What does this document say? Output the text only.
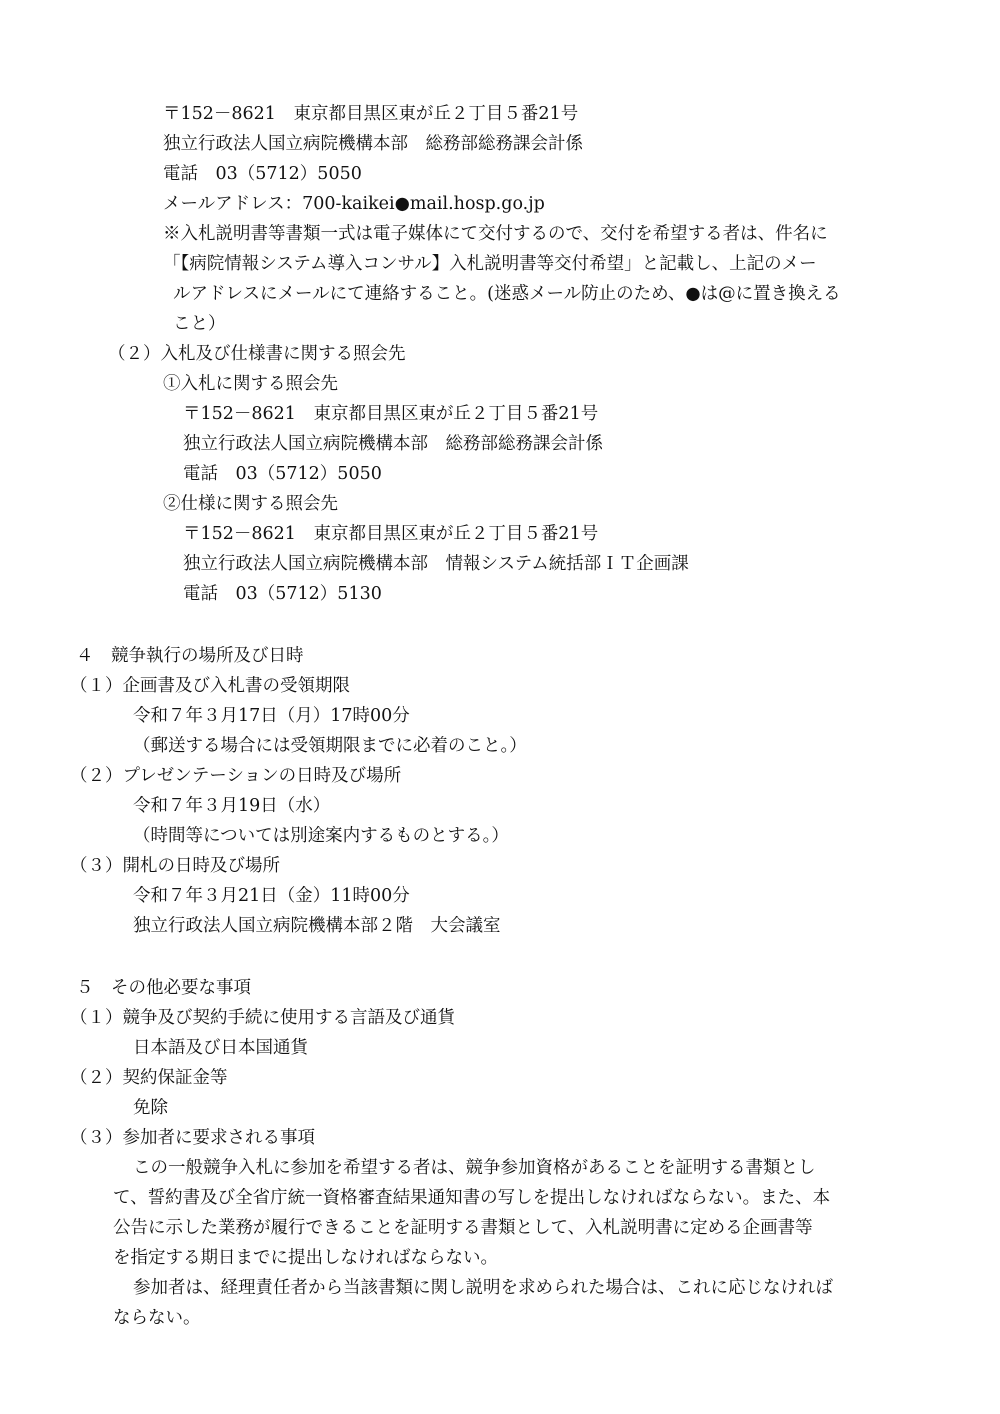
〒152－8621　東京都目黒区東が丘２丁目５番21号
独立行政法人国立病院機構本部　総務部総務課会計係
電話　03（5712）5050
メールアドレス：700-kaikei●mail.hosp.go.jp
※入札説明書等書類一式は電子媒体にて交付するので、交付を希望する者は、件名に
「【病院情報システム導入コンサル】入札説明書等交付希望」と記載し、上記のメー
ルアドレスにメールにて連絡すること。(迷惑メール防止のため、●は@に置き換える
こと）
（２）入札及び仕様書に関する照会先
①入札に関する照会先
〒152－8621　東京都目黒区東が丘２丁目５番21号
独立行政法人国立病院機構本部　総務部総務課会計係
電話　03（5712）5050
②仕様に関する照会先
〒152－8621　東京都目黒区東が丘２丁目５番21号
独立行政法人国立病院機構本部　情報システム統括部ＩＴ企画課
電話　03（5712）5130
４　競争執行の場所及び日時
（１）企画書及び入札書の受領期限
令和７年３月17日（月）17時00分
（郵送する場合には受領期限までに必着のこと。）
（２）プレゼンテーションの日時及び場所
令和７年３月19日（水）
（時間等については別途案内するものとする。）
（３）開札の日時及び場所
令和７年３月21日（金）11時00分
独立行政法人国立病院機構本部２階　大会議室
５　その他必要な事項
（１）競争及び契約手続に使用する言語及び通貨
日本語及び日本国通貨
（２）契約保証金等
免除
（３）参加者に要求される事項
この一般競争入札に参加を希望する者は、競争参加資格があることを証明する書類とし
て、誓約書及び全省庁統一資格審査結果通知書の写しを提出しなければならない。また、本
公告に示した業務が履行できることを証明する書類として、入札説明書に定める企画書等
を指定する期日までに提出しなければならない。
参加者は、経理責任者から当該書類に関し説明を求められた場合は、これに応じなければ
ならない。
